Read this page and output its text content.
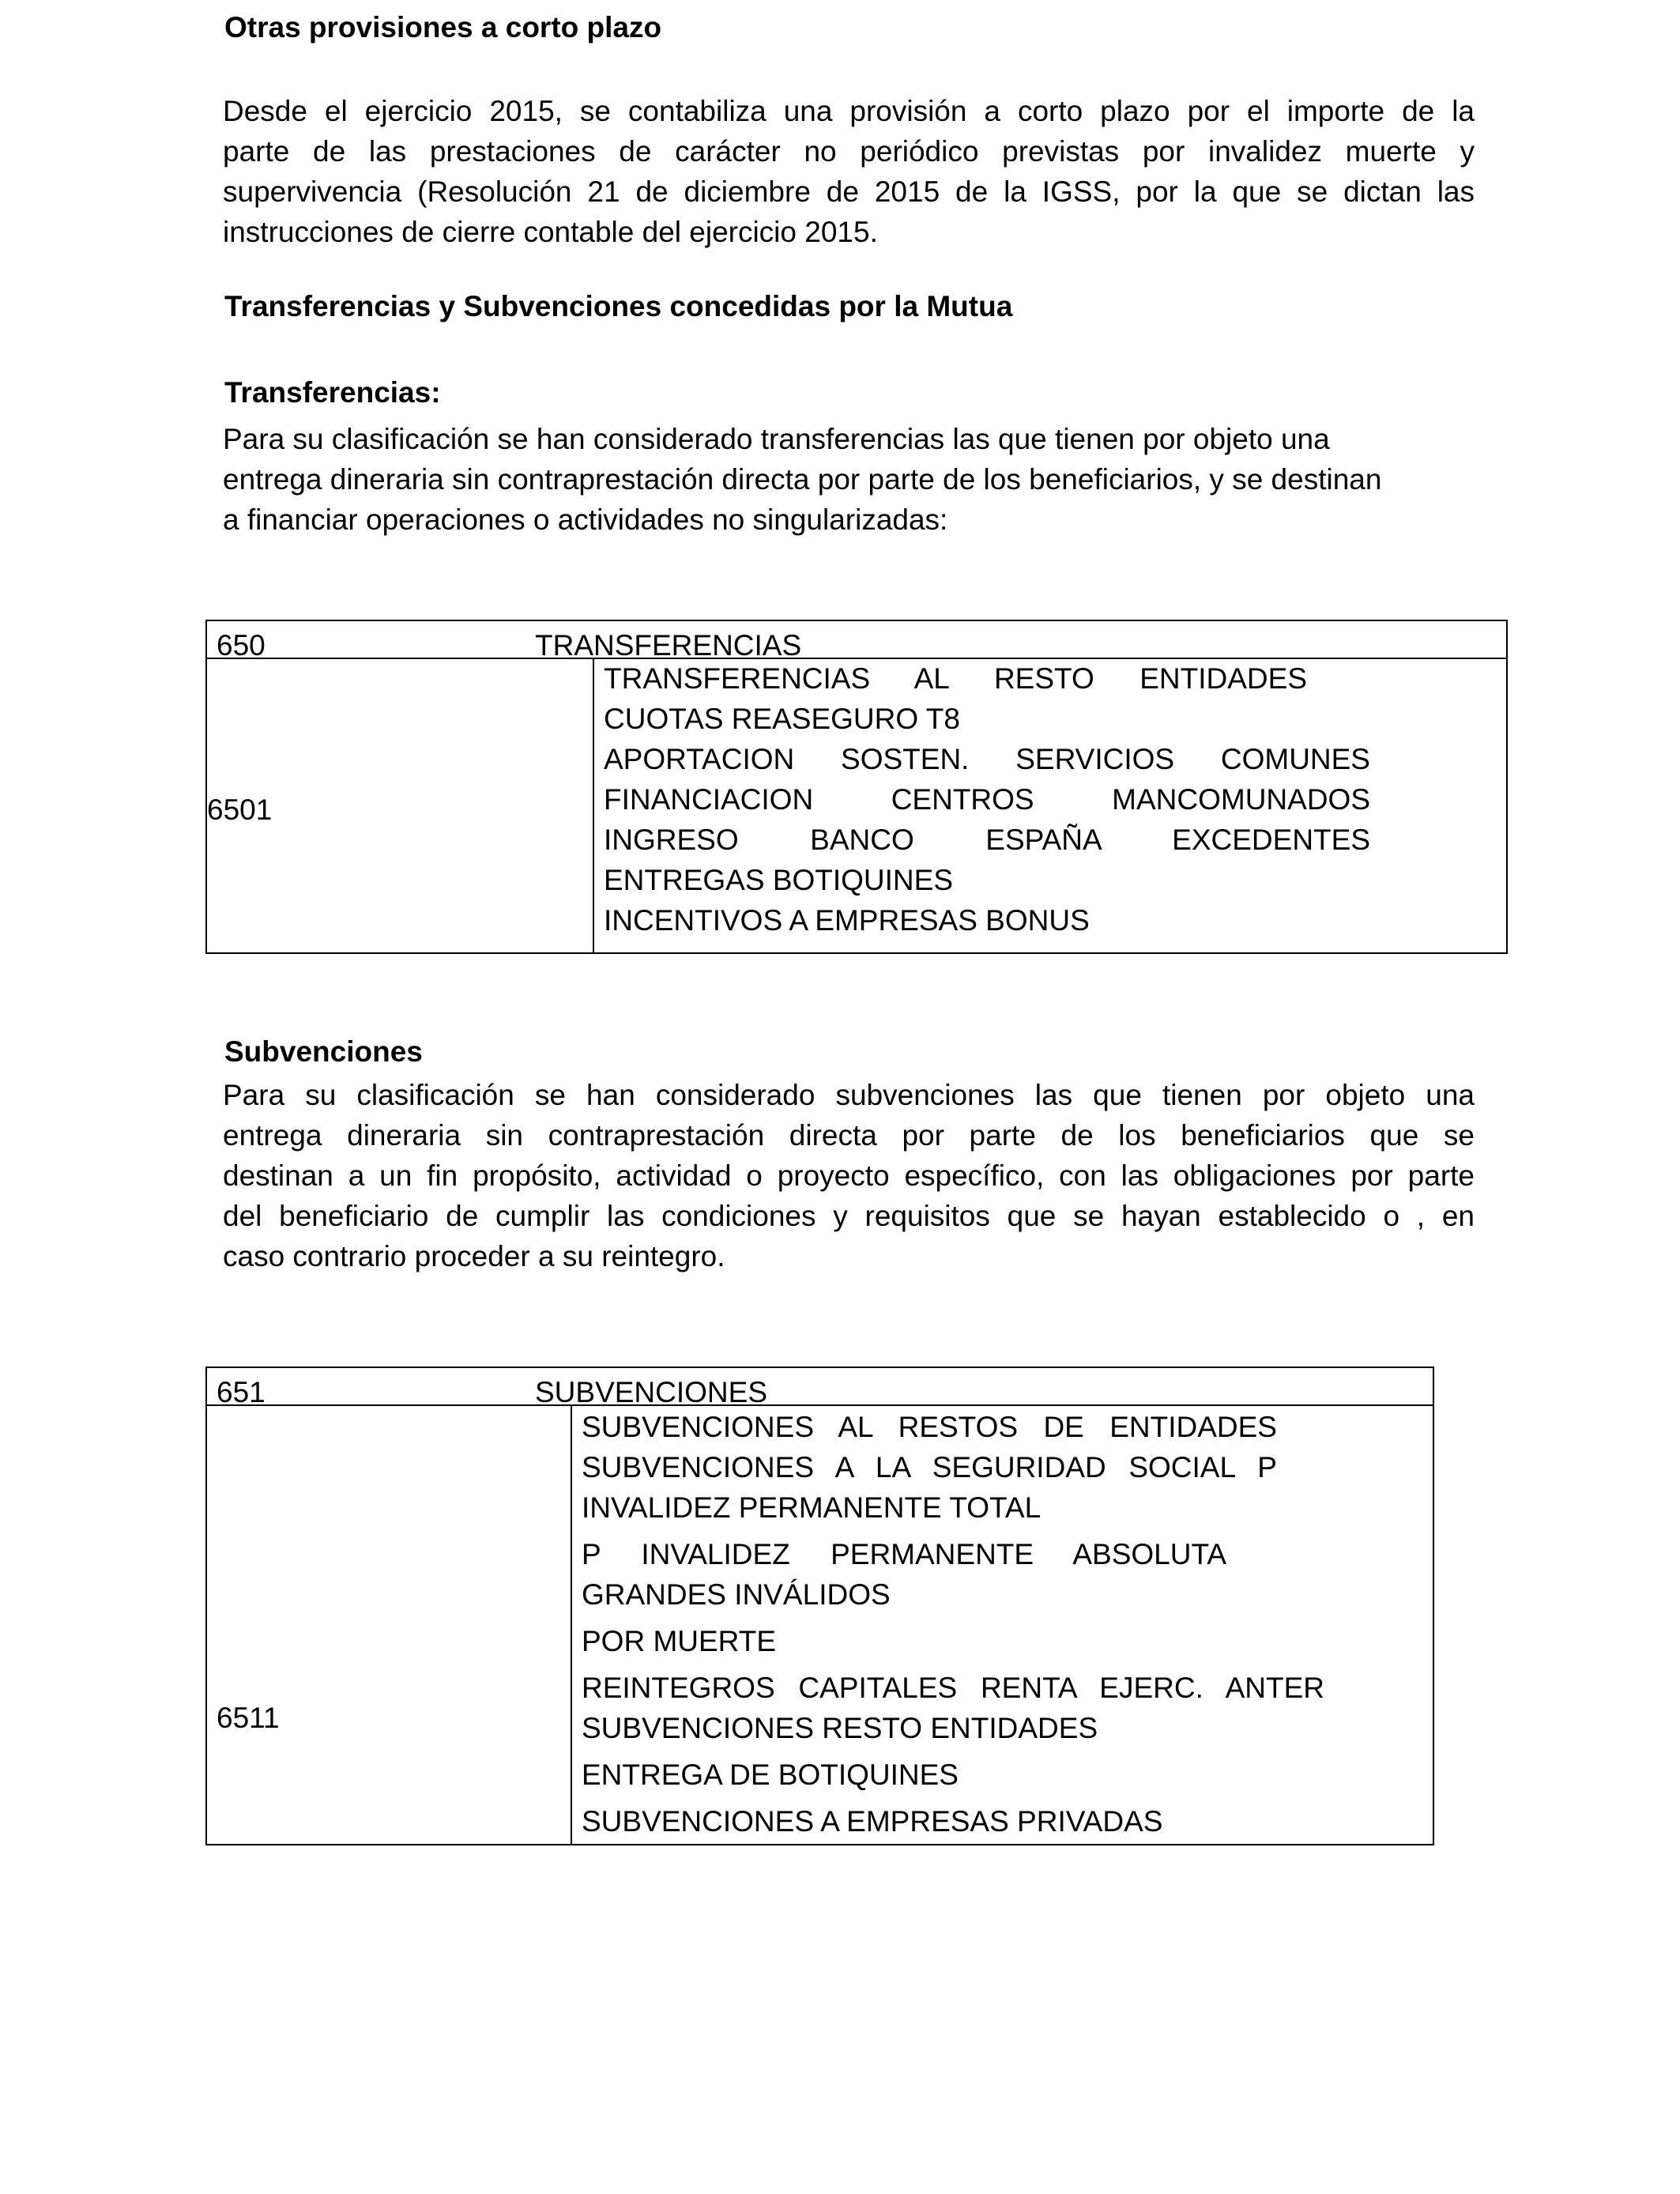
Otras provisiones a corto plazo
Desde el ejercicio 2015, se contabiliza una provisión a corto plazo por el importe de la
parte de las prestaciones de carácter no periódico previstas por invalidez muerte y
supervivencia (Resolución 21 de diciembre de 2015 de la IGSS, por la que se dictan las
instrucciones de cierre contable del ejercicio 2015.
Transferencias y Subvenciones concedidas por la Mutua
Transferencias:
Para su clasificación se han considerado transferencias las que tienen por objeto una
entrega dineraria sin contraprestación directa por parte de los beneficiarios, y se destinan
a financiar operaciones o actividades no singularizadas:
650	TRANSFERENCIAS
6501
TRANSFERENCIAS AL RESTO ENTIDADES
CUOTAS REASEGURO T8
APORTACION SOSTEN. SERVICIOS COMUNES
FINANCIACION CENTROS MANCOMUNADOS
INGRESO BANCO ESPAÑA EXCEDENTES
ENTREGAS BOTIQUINES
INCENTIVOS A EMPRESAS BONUS
Subvenciones
Para su clasificación se han considerado subvenciones las que tienen por objeto una
entrega dineraria sin contraprestación directa por parte de los beneficiarios que se
destinan a un fin propósito, actividad o proyecto específico, con las obligaciones por parte
del beneficiario de cumplir las condiciones y requisitos que se hayan establecido o , en
caso contrario proceder a su reintegro.
651	SUBVENCIONES
6511
SUBVENCIONES AL RESTOS DE ENTIDADES
SUBVENCIONES A LA SEGURIDAD SOCIAL P
INVALIDEZ PERMANENTE TOTAL
P INVALIDEZ PERMANENTE ABSOLUTA
GRANDES INVÁLIDOS
POR MUERTE
REINTEGROS CAPITALES RENTA EJERC. ANTER
SUBVENCIONES RESTO ENTIDADES
ENTREGA DE BOTIQUINES
SUBVENCIONES A EMPRESAS PRIVADAS
